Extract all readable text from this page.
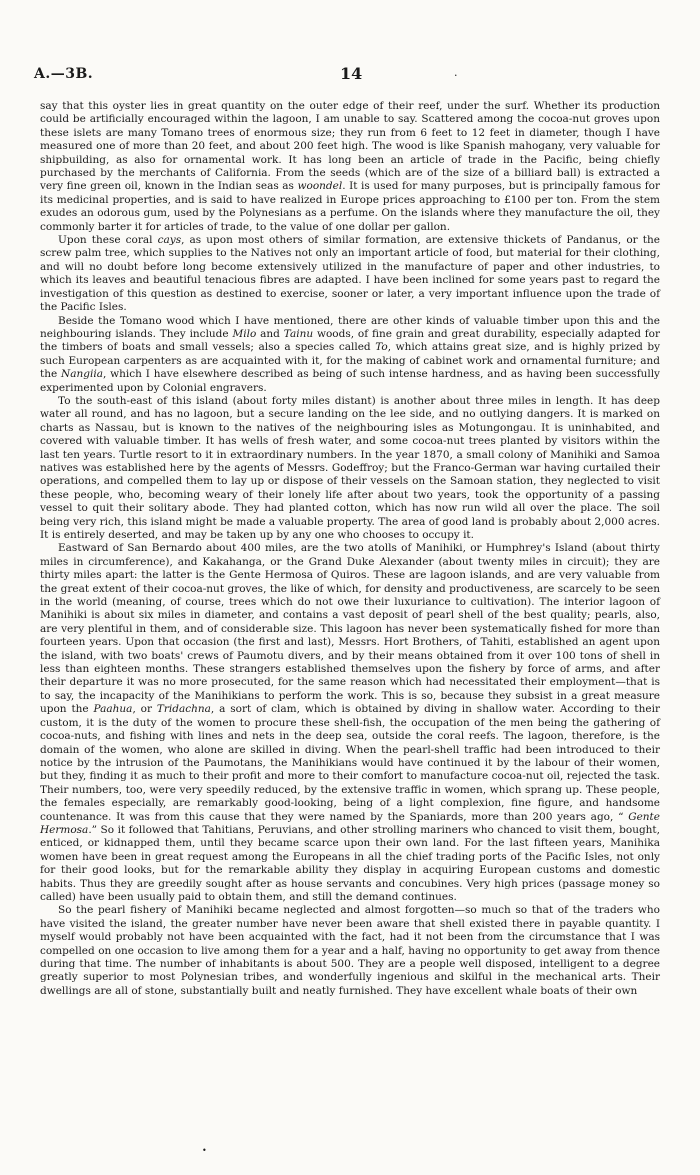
A.—3B.	14	.

say that this oyster lies in great quantity on the outer edge of their reef, under the surf. Whether its production could be artificially encouraged within the lagoon, I am unable to say. Scattered among the cocoa-nut groves upon these islets are many Tomano trees of enormous size; they run from 6 feet to 12 feet in diameter, though I have measured one of more than 20 feet, and about 200 feet high. The wood is like Spanish mahogany, very valuable for shipbuilding, as also for ornamental work. It has long been an article of trade in the Pacific, being chiefly purchased by the merchants of California. From the seeds (which are of the size of a billiard ball) is extracted a very fine green oil, known in the Indian seas as woondel. It is used for many purposes, but is principally famous for its medicinal properties, and is said to have realized in Europe prices approaching to £100 per ton. From the stem exudes an odorous gum, used by the Polynesians as a perfume. On the islands where they manufacture the oil, they commonly barter it for articles of trade, to the value of one dollar per gallon.

Upon these coral cays, as upon most others of similar formation, are extensive thickets of Pandanus, or the screw palm tree, which supplies to the Natives not only an important article of food, but material for their clothing, and will no doubt before long become extensively utilized in the manufacture of paper and other industries, to which its leaves and beautiful tenacious fibres are adapted. I have been inclined for some years past to regard the investigation of this question as destined to exercise, sooner or later, a very important influence upon the trade of the Pacific Isles.

Beside the Tomano wood which I have mentioned, there are other kinds of valuable timber upon this and the neighbouring islands. They include Milo and Tainu woods, of fine grain and great durability, especially adapted for the timbers of boats and small vessels; also a species called To, which attains great size, and is highly prized by such European carpenters as are acquainted with it, for the making of cabinet work and ornamental furniture; and the Nangiia, which I have elsewhere described as being of such intense hardness, and as having been successfully experimented upon by Colonial engravers.

To the south-east of this island (about forty miles distant) is another about three miles in length. It has deep water all round, and has no lagoon, but a secure landing on the lee side, and no outlying dangers. It is marked on charts as Nassau, but is known to the natives of the neighbouring isles as Motungongau. It is uninhabited, and covered with valuable timber. It has wells of fresh water, and some cocoa-nut trees planted by visitors within the last ten years. Turtle resort to it in extraordinary numbers. In the year 1870, a small colony of Manihiki and Samoa natives was established here by the agents of Messrs. Godeffroy; but the Franco-German war having curtailed their operations, and compelled them to lay up or dispose of their vessels on the Samoan station, they neglected to visit these people, who, becoming weary of their lonely life after about two years, took the opportunity of a passing vessel to quit their solitary abode. They had planted cotton, which has now run wild all over the place. The soil being very rich, this island might be made a valuable property. The area of good land is probably about 2,000 acres. It is entirely deserted, and may be taken up by any one who chooses to occupy it.

Eastward of San Bernardo about 400 miles, are the two atolls of Manihiki, or Humphrey's Island (about thirty miles in circumference), and Kakahanga, or the Grand Duke Alexander (about twenty miles in circuit); they are thirty miles apart: the latter is the Gente Hermosa of Quiros. These are lagoon islands, and are very valuable from the great extent of their cocoa-nut groves, the like of which, for density and productiveness, are scarcely to be seen in the world (meaning, of course, trees which do not owe their luxuriance to cultivation). The interior lagoon of Manihiki is about six miles in diameter, and contains a vast deposit of pearl shell of the best quality; pearls, also, are very plentiful in them, and of considerable size. This lagoon has never been systematically fished for more than fourteen years. Upon that occasion (the first and last), Messrs. Hort Brothers, of Tahiti, established an agent upon the island, with two boats' crews of Paumotu divers, and by their means obtained from it over 100 tons of shell in less than eighteen months. These strangers established themselves upon the fishery by force of arms, and after their departure it was no more prosecuted, for the same reason which had necessitated their employment—that is to say, the incapacity of the Manihikians to perform the work. This is so, because they subsist in a great measure upon the Paahua, or Tridachna, a sort of clam, which is obtained by diving in shallow water. According to their custom, it is the duty of the women to procure these shell-fish, the occupation of the men being the gathering of cocoa-nuts, and fishing with lines and nets in the deep sea, outside the coral reefs. The lagoon, therefore, is the domain of the women, who alone are skilled in diving. When the pearl-shell traffic had been introduced to their notice by the intrusion of the Paumotans, the Manihikians would have continued it by the labour of their women, but they, finding it as much to their profit and more to their comfort to manufacture cocoa-nut oil, rejected the task. Their numbers, too, were very speedily reduced, by the extensive traffic in women, which sprang up. These people, the females especially, are remarkably good-looking, being of a light complexion, fine figure, and handsome countenance. It was from this cause that they were named by the Spaniards, more than 200 years ago, “ Gente Hermosa.” So it followed that Tahitians, Peruvians, and other strolling mariners who chanced to visit them, bought, enticed, or kidnapped them, until they became scarce upon their own land. For the last fifteen years, Manihika women have been in great request among the Europeans in all the chief trading ports of the Pacific Isles, not only for their good looks, but for the remarkable ability they display in acquiring European customs and domestic habits. Thus they are greedily sought after as house servants and concubines. Very high prices (passage money so called) have been usually paid to obtain them, and still the demand continues.

So the pearl fishery of Manihiki became neglected and almost forgotten—so much so that of the traders who have visited the island, the greater number have never been aware that shell existed there in payable quantity. I myself would probably not have been acquainted with the fact, had it not been from the circumstance that I was compelled on one occasion to live among them for a year and a half, having no opportunity to get away from thence during that time. The number of inhabitants is about 500. They are a people well disposed, intelligent to a degree greatly superior to most Polynesian tribes, and wonderfully ingenious and skilful in the mechanical arts. Their dwellings are all of stone, substantially built and neatly furnished. They have excellent whale boats of their own

•
